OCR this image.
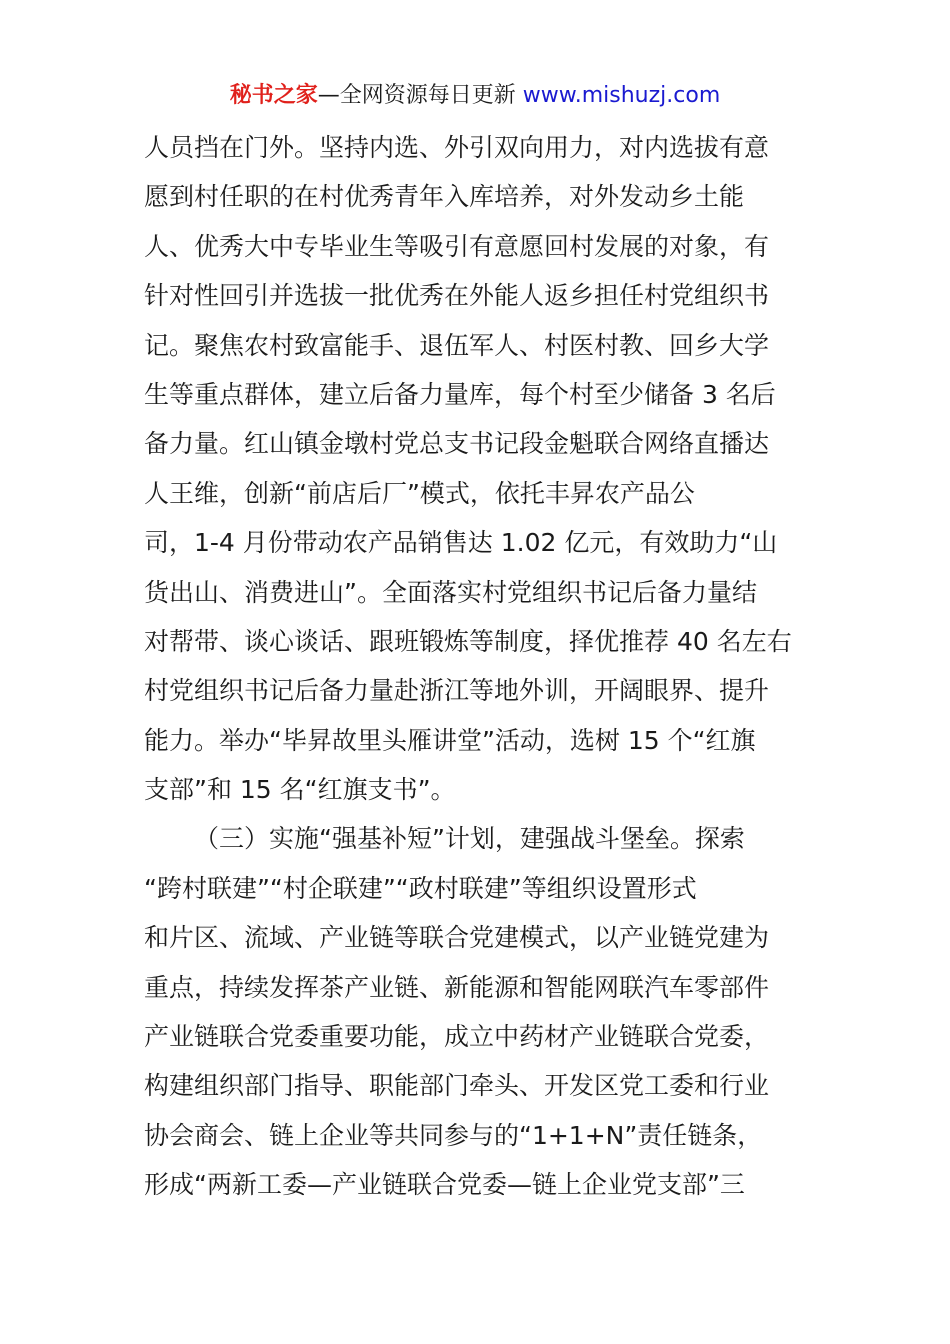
秘书之家—全网资源每日更新 www.mishuzj.com
人员挡在门外。坚持内选、外引双向用力，对内选拔有意
愿到村任职的在村优秀青年入库培养，对外发动乡土能
人、优秀大中专毕业生等吸引有意愿回村发展的对象，有
针对性回引并选拔一批优秀在外能人返乡担任村党组织书
记。聚焦农村致富能手、退伍军人、村医村教、回乡大学
生等重点群体，建立后备力量库，每个村至少储备 3 名后
备力量。红山镇金墩村党总支书记段金魁联合网络直播达
人王维，创新“前店后厂”模式，依托丰昇农产品公
司，1-4 月份带动农产品销售达 1.02 亿元，有效助力“山
货出山、消费进山”。全面落实村党组织书记后备力量结
对帮带、谈心谈话、跟班锻炼等制度，择优推荐 40 名左右
村党组织书记后备力量赴浙江等地外训，开阔眼界、提升
能力。举办“毕昇故里头雁讲堂”活动，选树 15 个“红旗
支部”和 15 名“红旗支书”。
（三）实施“强基补短”计划，建强战斗堡垒。探索
“跨村联建”“村企联建”“政村联建”等组织设置形式
和片区、流域、产业链等联合党建模式，以产业链党建为
重点，持续发挥茶产业链、新能源和智能网联汽车零部件
产业链联合党委重要功能，成立中药材产业链联合党委，
构建组织部门指导、职能部门牵头、开发区党工委和行业
协会商会、链上企业等共同参与的“1+1+N”责任链条，
形成“两新工委—产业链联合党委—链上企业党支部”三
